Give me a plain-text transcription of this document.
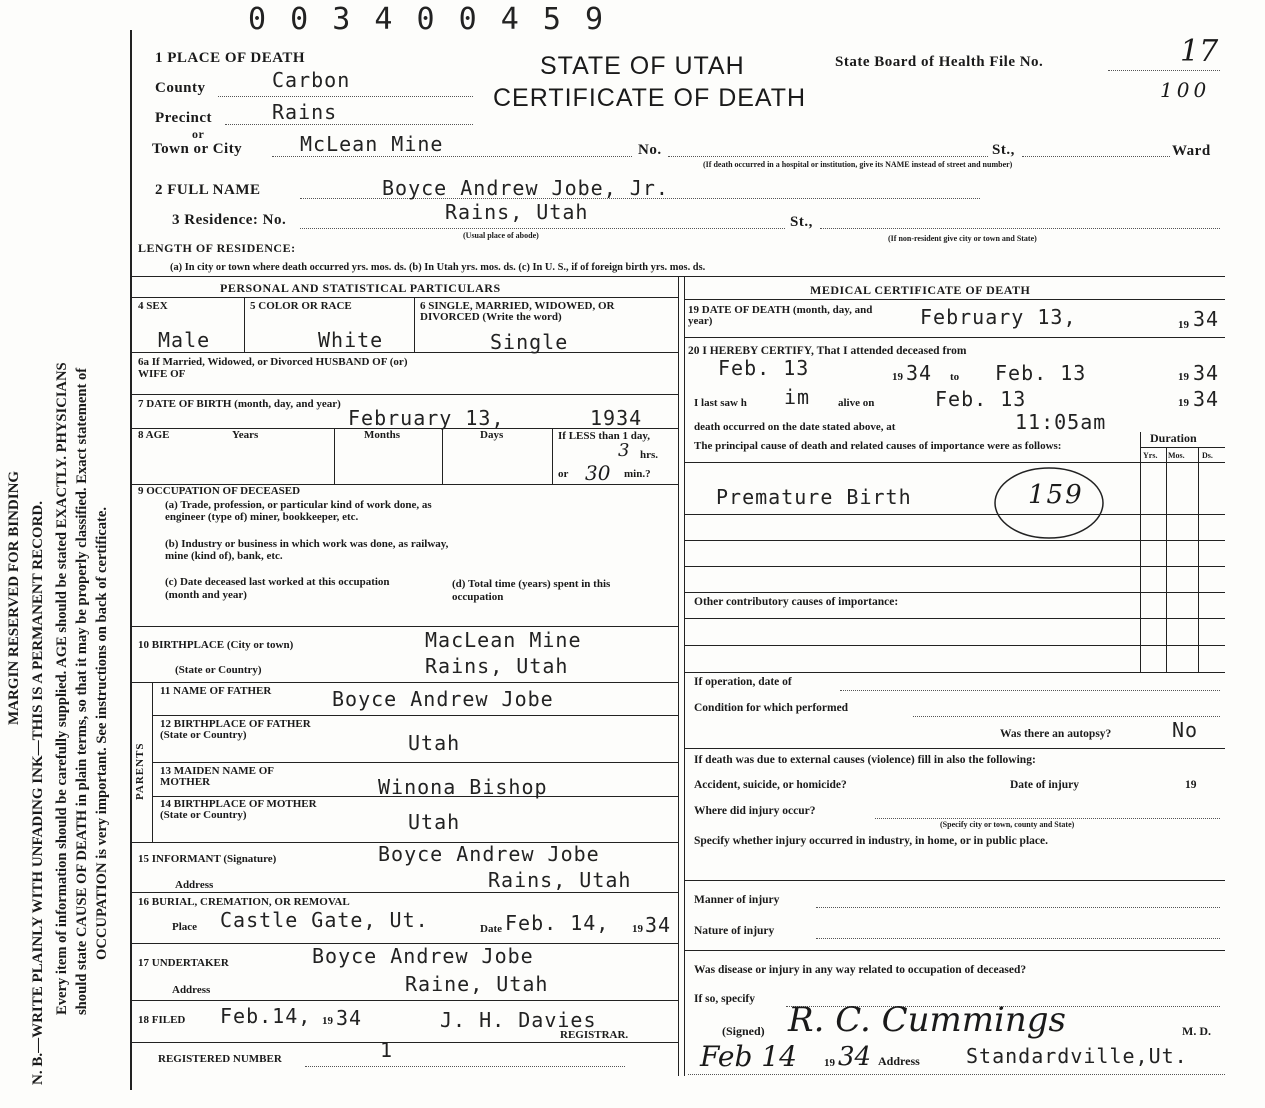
0 0 3 4 0 0 4 5 9
MARGIN RESERVED FOR BINDING N. B.—WRITE PLAINLY WITH UNFADING INK—THIS IS A PERMANENT RECORD. Every item of information should be carefully supplied. AGE should be stated EXACTLY. PHYSICIANS should state CAUSE OF DEATH in plain terms, so that it may be properly classified. Exact statement of OCCUPATION is very important. See instructions on back of certificate.
STATE OF UTAH
CERTIFICATE OF DEATH
State Board of Health File No.	17
100
1 PLACE OF DEATH
County	Carbon
Precinct	Rains
or
Town or City	McLean Mine	No.	St.,	Ward
(If death occurred in a hospital or institution, give its NAME instead of street and number)
2 FULL NAME	Boyce Andrew Jobe, Jr.
3 Residence: No.	Rains, Utah	St.,
(Usual place of abode)	(If non-resident give city or town and State)
LENGTH OF RESIDENCE:
(a) In city or town where death occurred yrs. mos. ds. (b) In Utah yrs. mos. ds. (c) In U. S., if of foreign birth yrs. mos. ds.
PERSONAL AND STATISTICAL PARTICULARS
4 SEX	5 COLOR OR RACE	6 SINGLE, MARRIED, WIDOWED, OR DIVORCED (Write the word)
Male	White	Single
6a If Married, Widowed, or Divorced HUSBAND OF (or) WIFE OF
7 DATE OF BIRTH (month, day, and year)
February 13,	1934
8 AGE	Years	Months	Days	If LESS than 1 day,
3 hrs.
or 30 min.?
9 OCCUPATION OF DECEASED
(a) Trade, profession, or particular kind of work done, as engineer (type of) miner, bookkeeper, etc.
(b) Industry or business in which work was done, as railway, mine (kind of), bank, etc.
(c) Date deceased last worked at this occupation (month and year)
(d) Total time (years) spent in this occupation
10 BIRTHPLACE (City or town)	MacLean Mine
(State or Country)	Rains, Utah
PARENTS
11 NAME OF FATHER	Boyce Andrew Jobe
12 BIRTHPLACE OF FATHER (State or Country)	Utah
13 MAIDEN NAME OF MOTHER	Winona Bishop
14 BIRTHPLACE OF MOTHER (State or Country)	Utah
15 INFORMANT (Signature)	Boyce Andrew Jobe
Address	Rains, Utah
16 BURIAL, CREMATION, OR REMOVAL
Place Castle Gate, Ut.	Date Feb. 14, 19 34
17 UNDERTAKER	Boyce Andrew Jobe
Address	Raine, Utah
18 FILED Feb.14, 19 34	J. H. Davies
REGISTRAR.
REGISTERED NUMBER	1
MEDICAL CERTIFICATE OF DEATH
19 DATE OF DEATH (month, day, and year)	February 13,	19 34
20 I HEREBY CERTIFY, That I attended deceased from
Feb. 13	19 34 to Feb. 13	19 34
I last saw h im	alive on	Feb. 13	19 34
death occurred on the date stated above, at	11:05am
The principal cause of death and related causes of importance were as follows:
Duration
Yrs. Mos. Ds.
Premature Birth	159
Other contributory causes of importance:
If operation, date of
Condition for which performed
Was there an autopsy?	No
If death was due to external causes (violence) fill in also the following:
Accident, suicide, or homicide?	Date of injury	19
Where did injury occur?
(Specify city or town, county and State)
Specify whether injury occurred in industry, in home, or in public place.
Manner of injury
Nature of injury
Was disease or injury in any way related to occupation of deceased?
If so, specify
(Signed) R. C. Cummings	M. D.
Feb 14 19 34 Address Standardville,Ut.
